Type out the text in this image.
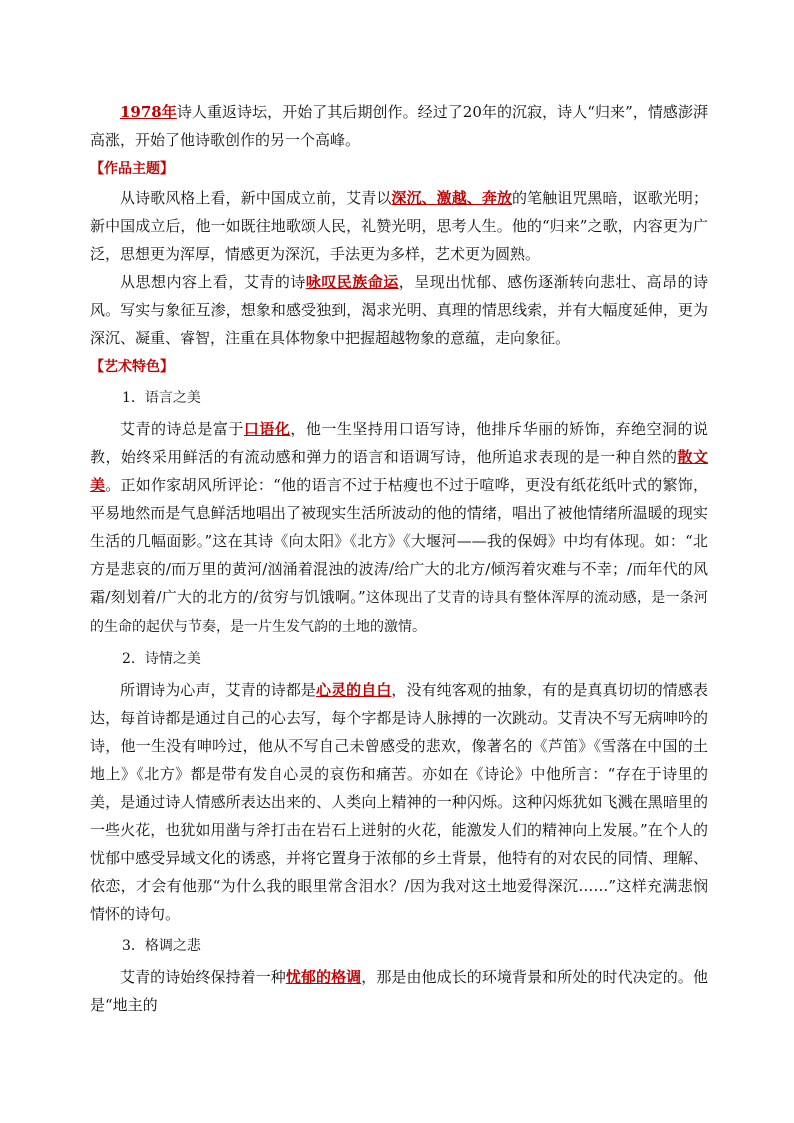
1978年诗人重返诗坛，开始了其后期创作。经过了20年的沉寂，诗人“归来”，情感澎湃高涨，开始了他诗歌创作的另一个高峰。

【作品主题】

从诗歌风格上看，新中国成立前，艾青以深沉、激越、奔放的笔触诅咒黑暗，讴歌光明；新中国成立后，他一如既往地歌颂人民，礼赞光明，思考人生。他的“归来”之歌，内容更为广泛，思想更为浑厚，情感更为深沉，手法更为多样，艺术更为圆熟。

从思想内容上看，艾青的诗咏叹民族命运，呈现出忧郁、感伤逐渐转向悲壮、高昂的诗风。写实与象征互渗，想象和感受独到，渴求光明、真理的情思线索，并有大幅度延伸，更为深沉、凝重、睿智，注重在具体物象中把握超越物象的意蕴，走向象征。

【艺术特色】

1．语言之美

艾青的诗总是富于口语化，他一生坚持用口语写诗，他排斥华丽的矫饰，弃绝空洞的说教，始终采用鲜活的有流动感和弹力的语言和语调写诗，他所追求表现的是一种自然的散文美。正如作家胡风所评论：“他的语言不过于枯瘦也不过于喧哗，更没有纸花纸叶式的繁饰，平易地然而是气息鲜活地唱出了被现实生活所波动的他的情绪，唱出了被他情绪所温暖的现实生活的几幅面影。”这在其诗《向太阳》《北方》《大堰河——我的保姆》中均有体现。如：“北方是悲哀的/而万里的黄河/汹涌着混浊的波涛/给广大的北方/倾泻着灾难与不幸；/而年代的风霜/刻划着/广大的北方的/贫穷与饥饿啊。”这体现出了艾青的诗具有整体浑厚的流动感，是一条河的生命的起伏与节奏，是一片生发气韵的土地的激情。

2．诗情之美

所谓诗为心声，艾青的诗都是心灵的自白，没有纯客观的抽象，有的是真真切切的情感表达，每首诗都是通过自己的心去写，每个字都是诗人脉搏的一次跳动。艾青决不写无病呻吟的诗，他一生没有呻吟过，他从不写自己未曾感受的悲欢，像著名的《芦笛》《雪落在中国的土地上》《北方》都是带有发自心灵的哀伤和痛苦。亦如在《诗论》中他所言：“存在于诗里的美，是通过诗人情感所表达出来的、人类向上精神的一种闪烁。这种闪烁犹如飞溅在黑暗里的一些火花，也犹如用凿与斧打击在岩石上迸射的火花，能激发人们的精神向上发展。”在个人的忧郁中感受异域文化的诱惑，并将它置身于浓郁的乡土背景，他特有的对农民的同情、理解、依恋，才会有他那“为什么我的眼里常含泪水？/因为我对这土地爱得深沉……”这样充满悲悯情怀的诗句。

3．格调之悲

艾青的诗始终保持着一种忧郁的格调，那是由他成长的环境背景和所处的时代决定的。他是“地主的
